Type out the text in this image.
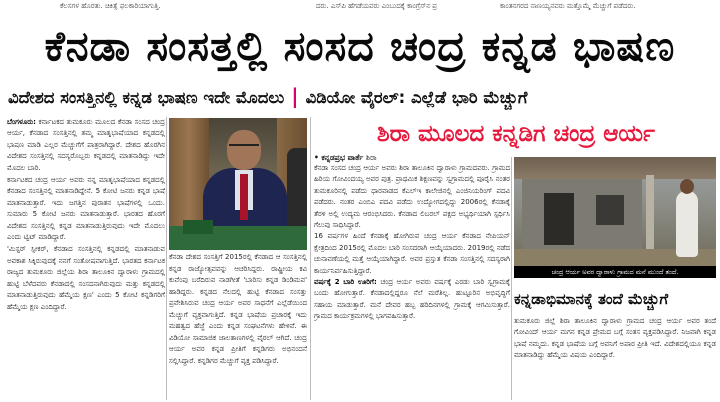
ಕೆಲಸಗಳ ಹೊರತು. ಚಿಕಿತ್ಸೆ ಫಲಕಾರಿಯಾಗುತ್ತಿ.	ದರು. ಎಸ್‌ಪಿ ಹೆಗಡೆಯವರು ಎಂಬುದಕ್ಕೆ ಕಾಂಗ್ರೆಸ್‌ನ ಪ್ರ	ಕಾಂತನಗರದ ನಾಣಯ್ಯನವರು ಮತ್ತೊಮ್ಮೆ ಮೆಚ್ಚುಗೆ ಪಡೆದರು.
ಕೆನಡಾ ಸಂಸತ್ತಲ್ಲಿ ಸಂಸದ ಚಂದ್ರ ಕನ್ನಡ ಭಾಷಣ
ವಿದೇಶದ ಸಂಸತ್ತಿನಲ್ಲಿ ಕನ್ನಡ ಭಾಷಣ ಇದೇ ಮೊದಲು | ವಿಡಿಯೋ ವೈರಲ್: ಎಲ್ಲೆಡೆ ಭಾರಿ ಮೆಚ್ಚುಗೆ

ಬೆಂಗಳೂರು: ಕರ್ನಾಟಕದ ತುಮಕೂರು ಮೂಲದ ಕೆನಡಾ ಸಂಸದ ಚಂದ್ರ ಆರ್ಯ, ಕೆನಡಾದ ಸಂಸತ್ತಿನಲ್ಲಿ ತಮ್ಮ ಮಾತೃಭಾಷೆಯಾದ ಕನ್ನಡದಲ್ಲಿ ಭಾಷಣ ಮಾಡಿ ಎಲ್ಲರ ಮೆಚ್ಚುಗೆಗೆ ಪಾತ್ರರಾಗಿದ್ದಾರೆ. ದೇಶದ ಹೊರಗಿನ ವಿದೇಶದ ಸಂಸತ್ತಿನಲ್ಲಿ ಸದಸ್ಯರೊಬ್ಬರು ಕನ್ನಡದಲ್ಲಿ ಮಾತನಾಡಿದ್ದು ಇದೇ ಮೊದಲ ಬಾರಿ.

ಕರ್ನಾಟಕದ ಚಂದ್ರ ಆರ್ಯ ಅವರು ನನ್ನ ಮಾತೃಭಾಷೆಯಾದ ಕನ್ನಡದಲ್ಲಿ ಕೆನಡಾದ ಸಂಸತ್ತಿನಲ್ಲಿ ಮಾತನಾಡಿದ್ದೇನೆ. 5 ಕೋಟಿ ಜನರು ಕನ್ನಡ ಭಾಷೆ ಮಾತನಾಡುತ್ತಾರೆ. ಇದು ಜಗತ್ತಿನ ಪುರಾತನ ಭಾಷೆಗಳಲ್ಲಿ ಒಂದು. ಸುಮಾರು 5 ಕೋಟಿ ಜನರು ಮಾತನಾಡುತ್ತಾರೆ. ಭಾರತದ ಹೊರಗೆ ವಿದೇಶದ ಸಂಸತ್ತಿನಲ್ಲಿ ಕನ್ನಡ ಮಾತನಾಡುತ್ತಿರುವುದು ಇದೇ ಮೊದಲು ಎಂದು ಟ್ವಿಟ್ ಮಾಡಿದ್ದಾರೆ.

'ಮಿಸ್ಟರ್ ಸ್ಪೀಕರ್, ಕೆನಡಾದ ಸಂಸತ್ತಿನಲ್ಲಿ ಕನ್ನಡದಲ್ಲಿ ಮಾತನಾಡುವ ಅವಕಾಶ ಸಿಕ್ಕಿರುವುದಕ್ಕೆ ನನಗೆ ಸಂತೋಷವಾಗುತ್ತಿದೆ. ಭಾರತದ ಕರ್ನಾಟಕ ರಾಜ್ಯದ ತುಮಕೂರು ಜಿಲ್ಲೆಯ ಶಿರಾ ತಾಲೂಕಿನ ದ್ವಾರಾಳು ಗ್ರಾಮದಲ್ಲಿ ಹುಟ್ಟಿ ಬೆಳೆದವರು ಕೆನಡಾದಲ್ಲಿ ಸಂಸದನಾಗಿರುವುದು ಮತ್ತು ಕನ್ನಡದಲ್ಲಿ ಮಾತನಾಡುತ್ತಿರುವುದು ಹೆಮ್ಮೆಯ ಕ್ಷಣ' ಎಂದು 5 ಕೋಟಿ ಕನ್ನಡಿಗರಿಗೆ ಹೆಮ್ಮೆಯ ಕ್ಷಣ ಎಂದಿದ್ದಾರೆ.

ಕೆನಡಾ ದೇಶದ ಸಂಸತ್ತಿಗೆ 2015ರಲ್ಲಿ ಕೆನಡಾದ ಆ ಸಂಸತ್ತಿನಲ್ಲಿ ಕನ್ನಡ ರಾಜ್ಯೋತ್ಸವವನ್ನು ಆಚರಿಸಿದ್ದರು. ರಾಷ್ಟ್ರೀಯ ಕವಿ ಕುವೆಂಪು ಬರೆದಿರುವ ನಾಡಗೀತೆ 'ಬಾರಿಸು ಕನ್ನಡ ಡಿಂಡಿಮವ' ಹಾಡಿದ್ದರು. ಕನ್ನಡದ ನೆಲದಲ್ಲಿ ಹುಟ್ಟಿ ಕೆನಡಾದ ಸಂಸತ್ತು ಪ್ರವೇಶಿಸಿರುವ ಚಂದ್ರ ಆರ್ಯ ಅವರ ಸಾಧನೆಗೆ ಎಲ್ಲೆಡೆಯಿಂದ ಮೆಚ್ಚುಗೆ ವ್ಯಕ್ತವಾಗುತ್ತಿದೆ. ಕನ್ನಡ ಭಾಷೆಯ ಪ್ರಚಾರಕ್ಕೆ ಇದು ಮಹತ್ವದ ಹೆಜ್ಜೆ ಎಂದು ಕನ್ನಡ ಸಂಘಟನೆಗಳು ಹೇಳಿವೆ. ಈ ವಿಡಿಯೋ ಸಾಮಾಜಿಕ ಜಾಲತಾಣಗಳಲ್ಲಿ ವೈರಲ್ ಆಗಿದೆ. ಚಂದ್ರ ಆರ್ಯ ಅವರ ಕನ್ನಡ ಪ್ರೀತಿಗೆ ಕನ್ನಡಿಗರು ಅಭಿನಂದನೆ ಸಲ್ಲಿಸಿದ್ದಾರೆ. ಕನ್ನಡಿಗರ ಮೆಚ್ಚುಗೆ ವ್ಯಕ್ತ ಪಡಿಸಿದ್ದಾರೆ.

ಶಿರಾ ಮೂಲದ ಕನ್ನಡಿಗ ಚಂದ್ರ ಆರ್ಯ
• ಕನ್ನಡಪ್ರಭ ವಾರ್ತೆ ಶಿರಾ

ಕೆನಡಾ ಸಂಸದ ಚಂದ್ರ ಆರ್ಯ ಅವರು ಶಿರಾ ತಾಲೂಕಿನ ದ್ವಾರಾಳು ಗ್ರಾಮದವರು. ಗ್ರಾಮದ ಹಿರಿಯ ಗೋವಿಂದಯ್ಯ ಅವರ ಪುತ್ರ. ಪ್ರಾಥಮಿಕ ಶಿಕ್ಷಣವನ್ನು ಸ್ವಗ್ರಾಮದಲ್ಲಿ ಪೂರೈಸಿ ನಂತರ ತುಮಕೂರಿನಲ್ಲಿ ಪಡೆದು ಧಾರವಾಡದ ಕೆಎಲ್‌ಇ ಕಾಲೇಜಿನಲ್ಲಿ ಎಂಜಿನಿಯರಿಂಗ್ ಪದವಿ ಪಡೆದರು. ನಂತರ ಎಂಬಿಎ ಪದವಿ ಪಡೆದು ಉದ್ಯೋಗದಲ್ಲಿದ್ದು 2006ರಲ್ಲಿ ಕೆನಡಾಕ್ಕೆ ತೆರಳಿ ಅಲ್ಲಿ ಉದ್ಯಮ ಆರಂಭಿಸಿದರು. ಕೆನಡಾದ ಲಿಬರಲ್ ಪಕ್ಷದ ಅಭ್ಯರ್ಥಿಯಾಗಿ ಸ್ಪರ್ಧಿಸಿ ಗೆಲುವು ಸಾಧಿಸಿದ್ದಾರೆ.

16 ವರ್ಷಗಳ ಹಿಂದೆ ಕೆನಡಾಕ್ಕೆ ಹೋಗಿರುವ ಚಂದ್ರ ಆರ್ಯ ಕೆನಡಾದ ನೇಪಿಯನ್ ಕ್ಷೇತ್ರದಿಂದ 2015ರಲ್ಲಿ ಮೊದಲ ಬಾರಿ ಸಂಸದರಾಗಿ ಆಯ್ಕೆಯಾದರು. 2019ರಲ್ಲಿ ನಡೆದ ಚುನಾವಣೆಯಲ್ಲಿ ಮತ್ತೆ ಆಯ್ಕೆಯಾಗಿದ್ದಾರೆ. ಅವರ ಪ್ರಸ್ತುತ ಕೆನಡಾ ಸಂಸತ್ತಿನಲ್ಲಿ ಸದಸ್ಯರಾಗಿ ಕಾರ್ಯನಿರ್ವಹಿಸುತ್ತಿದ್ದಾರೆ.

ವರ್ಷಕ್ಕೆ 2 ಬಾರಿ ಊರಿಗೆ: ಚಂದ್ರ ಆರ್ಯ ಅವರು ವರ್ಷಕ್ಕೆ ಎರಡು ಬಾರಿ ಸ್ವಗ್ರಾಮಕ್ಕೆ ಬಂದು ಹೋಗುತ್ತಾರೆ. ಕೆನಡಾದಲ್ಲಿದ್ದರೂ ನೆಲೆ ಮರೆತಿಲ್ಲ. ಹುಟ್ಟೂರಿನ ಅಭಿವೃದ್ಧಿಗೆ ಸಹಾಯ ಮಾಡುತ್ತಾರೆ. ಮನೆ ದೇವರ ಹಬ್ಬ ಹರಿದಿನಗಳಲ್ಲಿ ಗ್ರಾಮಕ್ಕೆ ಆಗಮಿಸುತ್ತಾರೆ. ಗ್ರಾಮದ ಕಾರ್ಯಕ್ರಮಗಳಲ್ಲಿ ಭಾಗವಹಿಸುತ್ತಾರೆ.

ಚಂದ್ರ ಆರ್ಯ ಅವರ ದ್ವಾರಾಳು ಗ್ರಾಮದ ಮನೆ ಮುಂದೆ ತಂದೆ.
ಕನ್ನಡಾಭಿಮಾನಕ್ಕೆ ತಂದೆ ಮೆಚ್ಚುಗೆ

ತುಮಕೂರು ಜಿಲ್ಲೆ ಶಿರಾ ತಾಲೂಕಿನ ದ್ವಾರಾಳು ಗ್ರಾಮದ ಚಂದ್ರ ಆರ್ಯ ಅವರ ತಂದೆ ಗೋವಿಂದ್ ಆರ್ಯ ಮಗನ ಕನ್ನಡ ಪ್ರೇಮದ ಬಗ್ಗೆ ಸಂತಸ ವ್ಯಕ್ತಪಡಿಸಿದ್ದಾರೆ. ನಿಜವಾಗಿ ಕನ್ನಡ ಭಾಷೆ ನಮ್ಮದು. ಕನ್ನಡ ಭಾಷೆಯ ಬಗ್ಗೆ ಅವನಿಗೆ ಅಪಾರ ಪ್ರೀತಿ ಇದೆ. ವಿದೇಶದಲ್ಲಿಯೂ ಕನ್ನಡ ಮಾತನಾಡಿದ್ದು ಹೆಮ್ಮೆಯ ವಿಷಯ ಎಂದಿದ್ದಾರೆ.
